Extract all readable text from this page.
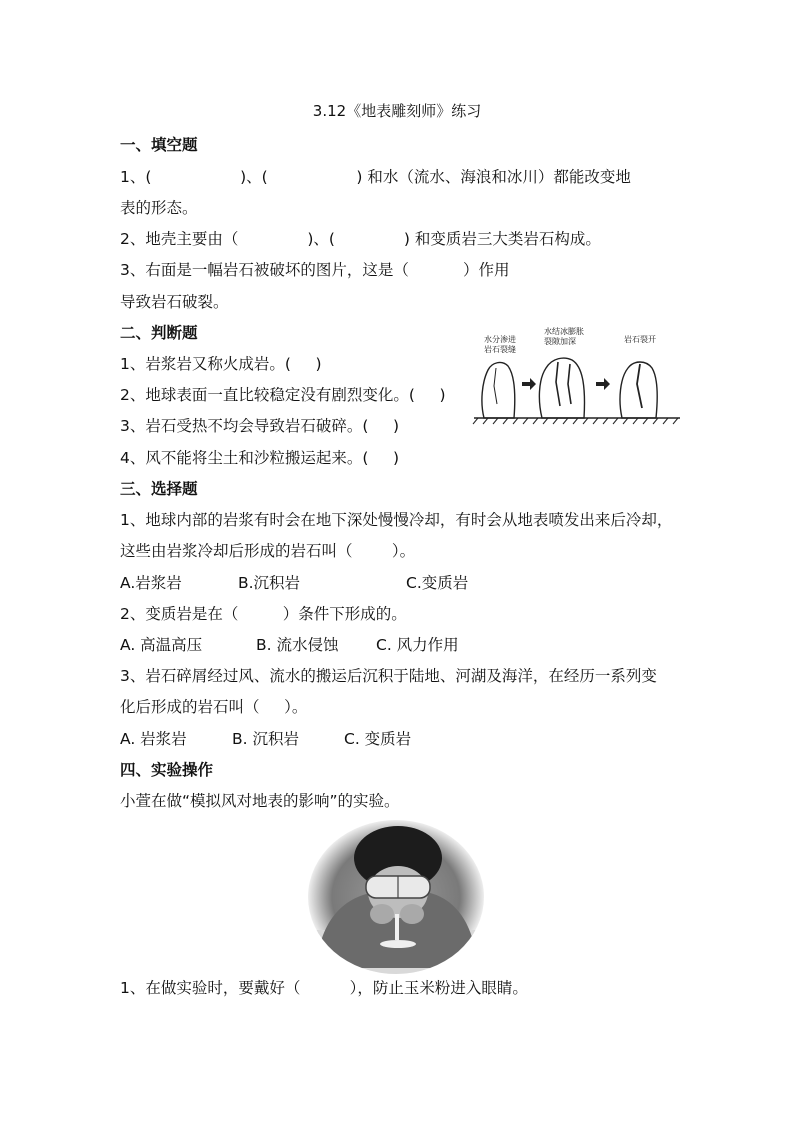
3.12《地表雕刻师》练习
一、填空题
1、(                  )、(                  ) 和水（流水、海浪和冰川）都能改变地
表的形态。
2、地壳主要由（              )、(              ) 和变质岩三大类岩石构成。
3、右面是一幅岩石被破坏的图片，这是（           ）作用
导致岩石破裂。
二、判断题
1、岩浆岩又称火成岩。(     )
2、地球表面一直比较稳定没有剧烈变化。(     )
3、岩石受热不均会导致岩石破碎。(     )
4、风不能将尘土和沙粒搬运起来。(     )
水分渗进
岩石裂缝
水结冰膨胀
裂隙加深	岩石裂开
三、选择题
1、地球内部的岩浆有时会在地下深处慢慢冷却，有时会从地表喷发出来后冷却，
这些由岩浆冷却后形成的岩石叫（        ）。
A.岩浆岩	B.沉积岩	C.变质岩
2、变质岩是在（         ）条件下形成的。
A. 高温高压	B. 流水侵蚀 C. 风力作用
3、岩石碎屑经过风、流水的搬运后沉积于陆地、河湖及海洋，在经历一系列变
化后形成的岩石叫（     ）。
A. 岩浆岩	B. 沉积岩	C. 变质岩
四、实验操作
小萱在做“模拟风对地表的影响”的实验。
1、在做实验时，要戴好（          ），防止玉米粉进入眼睛。
